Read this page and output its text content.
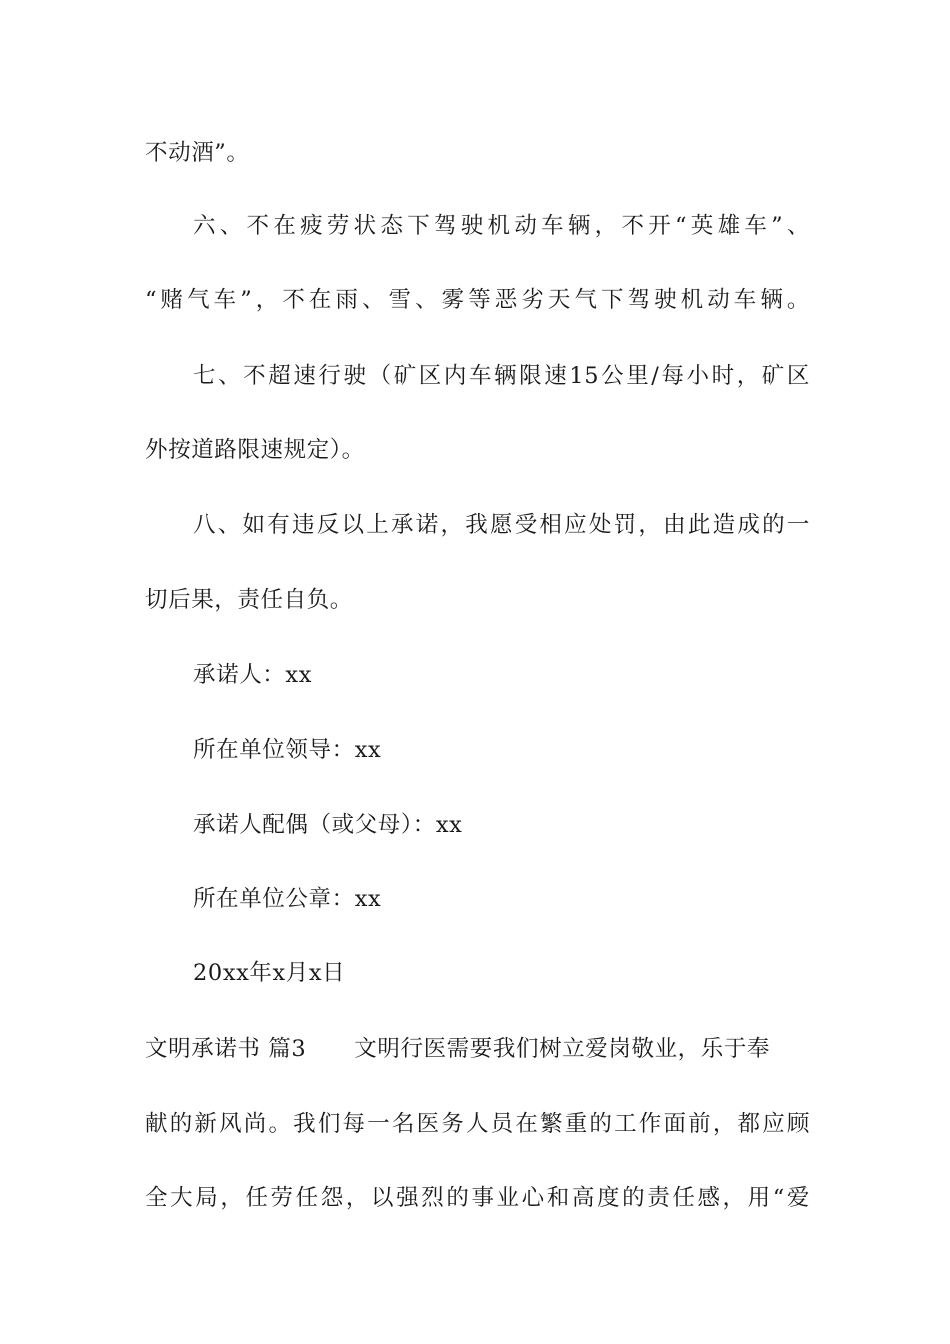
不动酒”。
六、不在疲劳状态下驾驶机动车辆，不开“英雄车”、
“赌气车”，不在雨、雪、雾等恶劣天气下驾驶机动车辆。
七、不超速行驶（矿区内车辆限速15公里/每小时，矿区
外按道路限速规定）。
八、如有违反以上承诺，我愿受相应处罚，由此造成的一
切后果，责任自负。
承诺人：xx
所在单位领导：xx
承诺人配偶（或父母）：xx
所在单位公章：xx
20xx年x月x日
文明承诺书 篇3 文明行医需要我们树立爱岗敬业，乐于奉
献的新风尚。我们每一名医务人员在繁重的工作面前，都应顾
全大局，任劳任怨，以强烈的事业心和高度的责任感，用“爱
